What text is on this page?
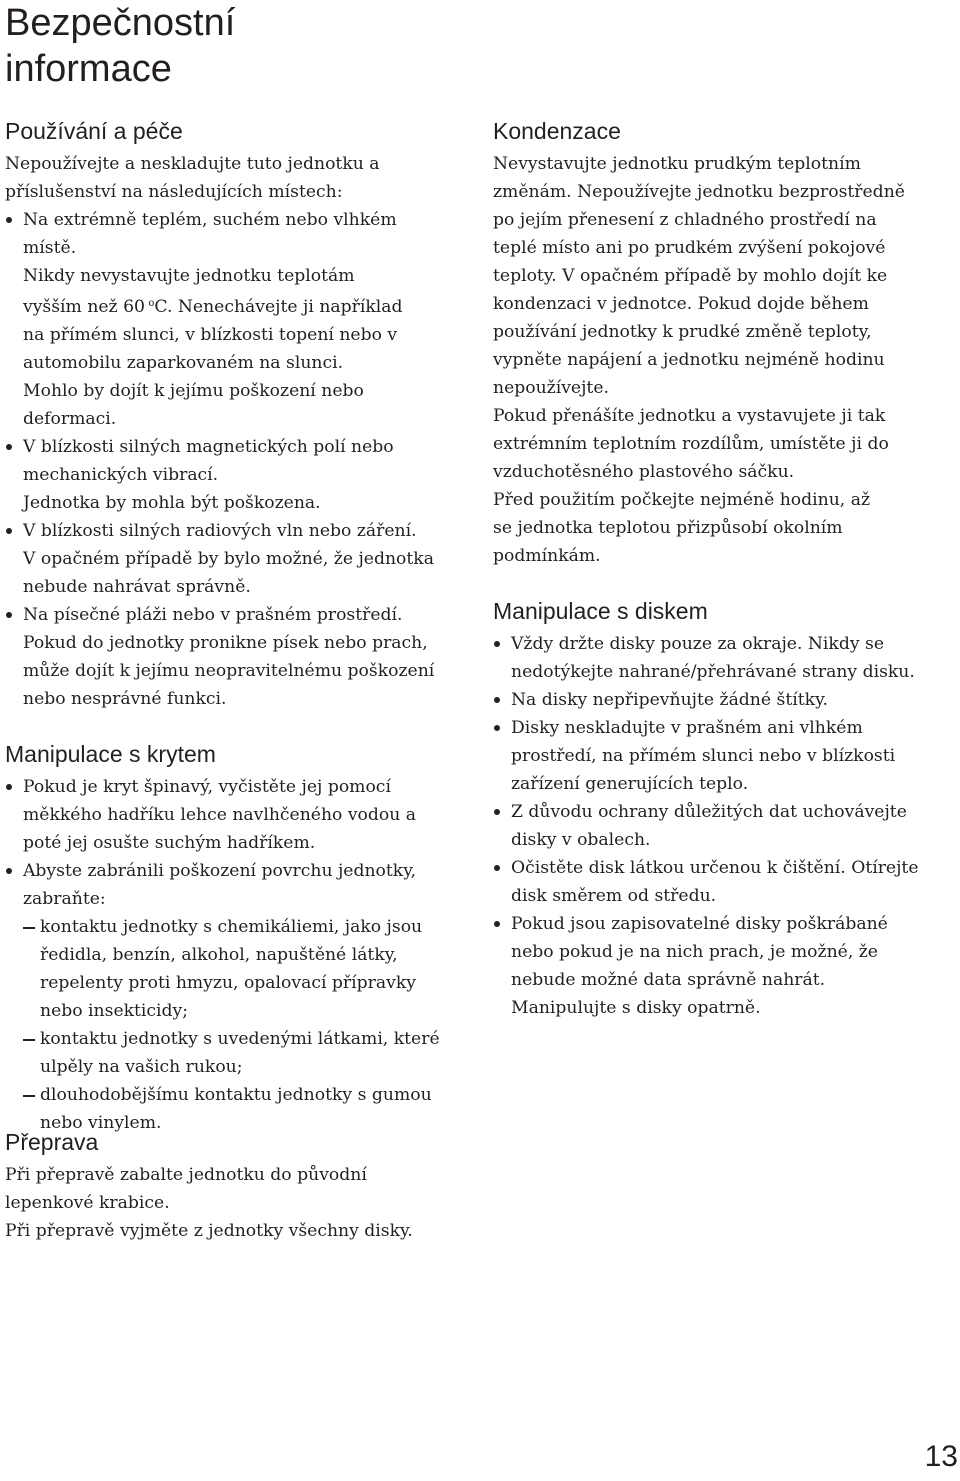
Bezpečnostní
informace
Používání a péče

Nepoužívejte a neskladujte tuto jednotku a příslušenství na následujících místech:

Na extrémně teplém, suchém nebo vlhkém místě.
Nikdy nevystavujte jednotku teplotám vyšším než 60  $^o$C. Nenechávejte ji například na přímém slunci, v blízkosti topení nebo v automobilu zaparkovaném na slunci. Mohlo by dojít k jejímu poškození nebo deformaci.
V blízkosti silných magnetických polí nebo mechanických vibrací.
Jednotka by mohla být poškozena.
V blízkosti silných radiových vln nebo záření.
V opačném případě by bylo možné, že jednotka nebude nahrávat správně.
Na písečné pláži nebo v prašném prostředí.
Pokud do jednotky pronikne písek nebo prach, může dojít k jejímu neopravitelnému poškození nebo nesprávné funkci.
Manipulace s krytem
Pokud je kryt špinavý, vyčistěte jej pomocí měkkého hadříku lehce navlhčeného vodou a poté jej osušte suchým hadříkem.
Abyste zabránili poškození povrchu jednotky, zabraňte:
kontaktu jednotky s chemikáliemi, jako jsou ředidla, benzín, alkohol, napuštěné látky, repelenty proti hmyzu, opalovací přípravky nebo insekticidy;
kontaktu jednotky s uvedenými látkami, které ulpěly na vašich rukou;
dlouhodobějšímu kontaktu jednotky s gumou nebo vinylem.
Přeprava

Při přepravě zabalte jednotku do původní lepenkové krabice.

Při přepravě vyjměte z jednotky všechny disky.

Kondenzace

Nevystavujte jednotku prudkým teplotním změnám. Nepoužívejte jednotku bezprostředně po jejím přenesení z chladného prostředí na teplé místo ani po prudkém zvýšení pokojové teploty. V opačném případě by mohlo dojít ke kondenzaci v jednotce. Pokud dojde během používání jednotky k prudké změně teploty, vypněte napájení a jednotku nejméně hodinu nepoužívejte.

Pokud přenášíte jednotku a vystavujete ji tak extrémním teplotním rozdílům, umístěte ji do vzduchotěsného plastového sáčku.

Před použitím počkejte nejméně hodinu, až se jednotka teplotou přizpůsobí okolním podmínkám.

Manipulace s diskem
Vždy držte disky pouze za okraje. Nikdy se nedotýkejte nahrané/přehrávané strany disku.
Na disky nepřipevňujte žádné štítky.
Disky neskladujte v prašném ani vlhkém prostředí, na přímém slunci nebo v blízkosti zařízení generujících teplo.
Z důvodu ochrany důležitých dat uchovávejte disky v obalech.
Očistěte disk látkou určenou k čištění. Otírejte disk směrem od středu.
Pokud jsou zapisovatelné disky poškrábané nebo pokud je na nich prach, je možné, že nebude možné data správně nahrát. Manipulujte s disky opatrně.
13
